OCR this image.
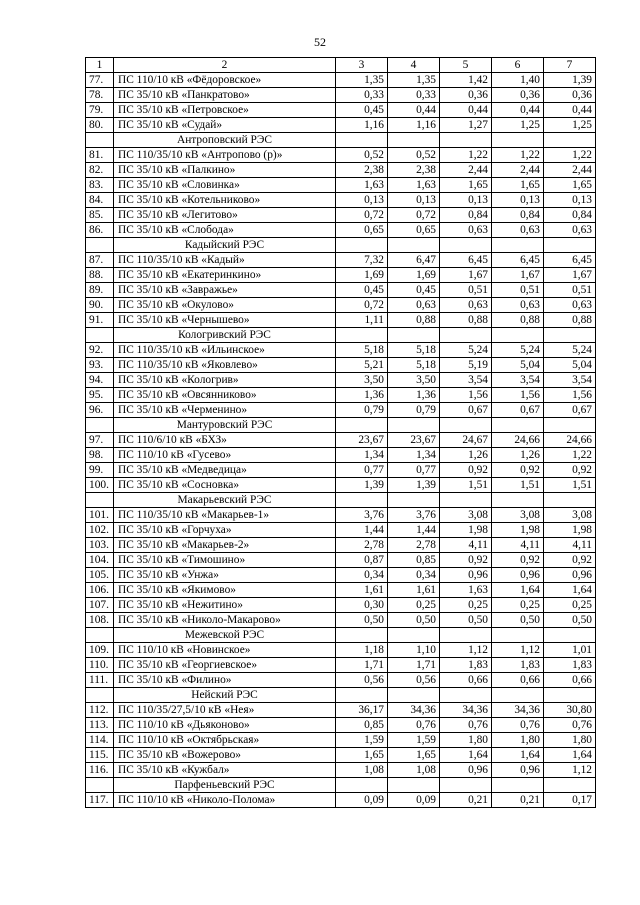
52
1	2	3	4	5	6	7
77.	ПС 110/10 кВ «Фёдоровское»	1,35	1,35	1,42	1,40	1,39
78.	ПС 35/10 кВ «Панкратово»	0,33	0,33	0,36	0,36	0,36
79.	ПС 35/10 кВ «Петровское»	0,45	0,44	0,44	0,44	0,44
80.	ПС 35/10 кВ «Судай»	1,16	1,16	1,27	1,25	1,25
	Антроповский РЭС					
81.	ПС 110/35/10 кВ «Антропово (р)»	0,52	0,52	1,22	1,22	1,22
82.	ПС 35/10 кВ «Палкино»	2,38	2,38	2,44	2,44	2,44
83.	ПС 35/10 кВ «Словинка»	1,63	1,63	1,65	1,65	1,65
84.	ПС 35/10 кВ «Котельниково»	0,13	0,13	0,13	0,13	0,13
85.	ПС 35/10 кВ «Легитово»	0,72	0,72	0,84	0,84	0,84
86.	ПС 35/10 кВ «Слобода»	0,65	0,65	0,63	0,63	0,63
	Кадыйский РЭС					
87.	ПС 110/35/10 кВ «Кадый»	7,32	6,47	6,45	6,45	6,45
88.	ПС 35/10 кВ «Екатеринкино»	1,69	1,69	1,67	1,67	1,67
89.	ПС 35/10 кВ «Завражье»	0,45	0,45	0,51	0,51	0,51
90.	ПС 35/10 кВ «Окулово»	0,72	0,63	0,63	0,63	0,63
91.	ПС 35/10 кВ «Чернышево»	1,11	0,88	0,88	0,88	0,88
	Кологривский РЭС					
92.	ПС 110/35/10 кВ «Ильинское»	5,18	5,18	5,24	5,24	5,24
93.	ПС 110/35/10 кВ «Яковлево»	5,21	5,18	5,19	5,04	5,04
94.	ПС 35/10 кВ «Кологрив»	3,50	3,50	3,54	3,54	3,54
95.	ПС 35/10 кВ «Овсянниково»	1,36	1,36	1,56	1,56	1,56
96.	ПС 35/10 кВ «Черменино»	0,79	0,79	0,67	0,67	0,67
	Мантуровский РЭС					
97.	ПС 110/6/10 кВ «БХЗ»	23,67	23,67	24,67	24,66	24,66
98.	ПС 110/10 кВ «Гусево»	1,34	1,34	1,26	1,26	1,22
99.	ПС 35/10 кВ «Медведица»	0,77	0,77	0,92	0,92	0,92
100.	ПС 35/10 кВ «Сосновка»	1,39	1,39	1,51	1,51	1,51
	Макарьевский РЭС					
101.	ПС 110/35/10 кВ «Макарьев-1»	3,76	3,76	3,08	3,08	3,08
102.	ПС 35/10 кВ «Горчуха»	1,44	1,44	1,98	1,98	1,98
103.	ПС 35/10 кВ «Макарьев-2»	2,78	2,78	4,11	4,11	4,11
104.	ПС 35/10 кВ «Тимошино»	0,87	0,85	0,92	0,92	0,92
105.	ПС 35/10 кВ «Унжа»	0,34	0,34	0,96	0,96	0,96
106.	ПС 35/10 кВ «Якимово»	1,61	1,61	1,63	1,64	1,64
107.	ПС 35/10 кВ «Нежитино»	0,30	0,25	0,25	0,25	0,25
108.	ПС 35/10 кВ «Николо-Макарово»	0,50	0,50	0,50	0,50	0,50
	Межевской РЭС					
109.	ПС 110/10 кВ «Новинское»	1,18	1,10	1,12	1,12	1,01
110.	ПС 35/10 кВ «Георгиевское»	1,71	1,71	1,83	1,83	1,83
111.	ПС 35/10 кВ «Филино»	0,56	0,56	0,66	0,66	0,66
	Нейский РЭС					
112.	ПС 110/35/27,5/10 кВ «Нея»	36,17	34,36	34,36	34,36	30,80
113.	ПС 110/10 кВ «Дьяконово»	0,85	0,76	0,76	0,76	0,76
114.	ПС 110/10 кВ «Октябрьская»	1,59	1,59	1,80	1,80	1,80
115.	ПС 35/10 кВ «Вожерово»	1,65	1,65	1,64	1,64	1,64
116.	ПС 35/10 кВ «Кужбал»	1,08	1,08	0,96	0,96	1,12
	Парфеньевский РЭС					
117.	ПС 110/10 кВ «Николо-Полома»	0,09	0,09	0,21	0,21	0,17
